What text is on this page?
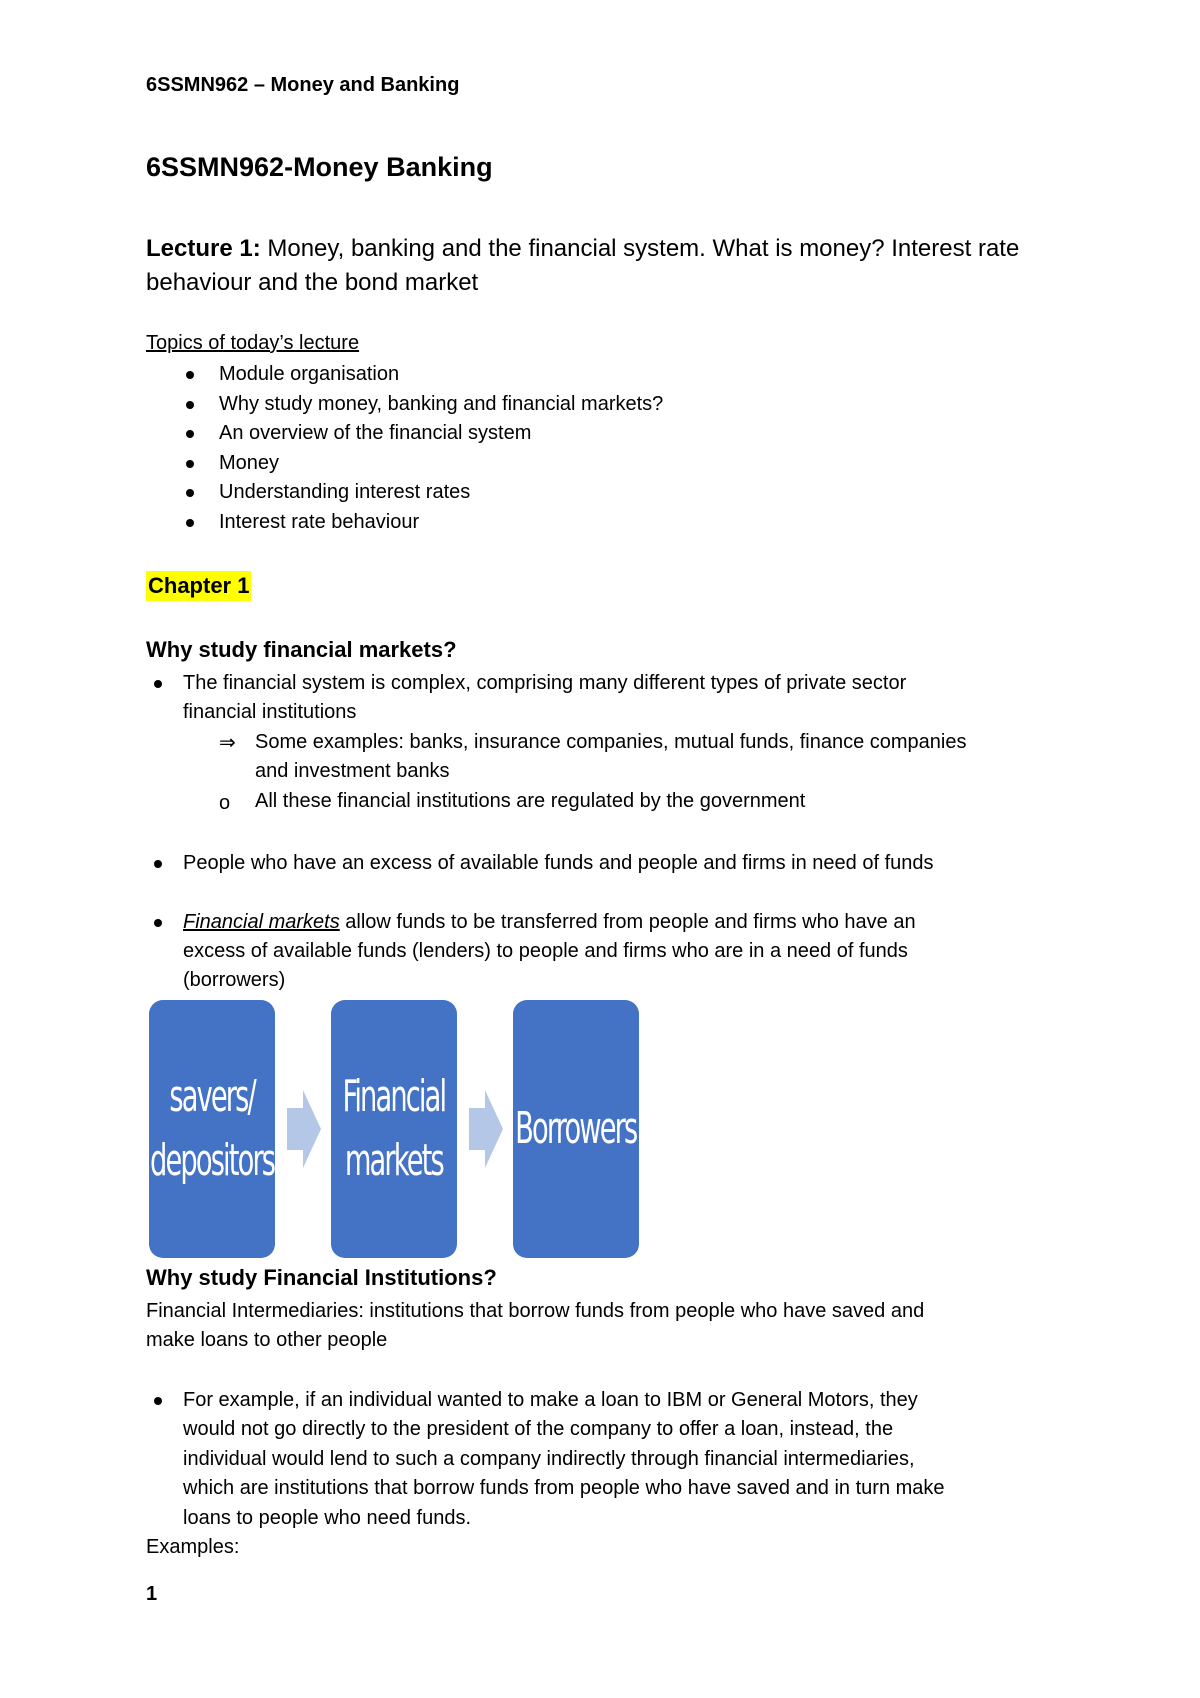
6SSMN962 – Money and Banking
6SSMN962-Money Banking
Lecture 1: Money, banking and the financial system. What is money? Interest rate behaviour and the bond market
Topics of today’s lecture
Module organisation
Why study money, banking and financial markets?
An overview of the financial system
Money
Understanding interest rates
Interest rate behaviour
Chapter 1
Why study financial markets?
The financial system is complex, comprising many different types of private sector
financial institutions
⇒ Some examples: banks, insurance companies, mutual funds, finance companies
and investment banks
o All these financial institutions are regulated by the government
People who have an excess of available funds and people and firms in need of funds
Financial markets allow funds to be transferred from people and firms who have an
excess of available funds (lenders) to people and firms who are in a need of funds
(borrowers)
savers/
depositors
Financial
markets
Borrowers
Why study Financial Institutions?
Financial Intermediaries: institutions that borrow funds from people who have saved and
make loans to other people
For example, if an individual wanted to make a loan to IBM or General Motors, they
would not go directly to the president of the company to offer a loan, instead, the
individual would lend to such a company indirectly through financial intermediaries,
which are institutions that borrow funds from people who have saved and in turn make
loans to people who need funds.
Examples:
1
